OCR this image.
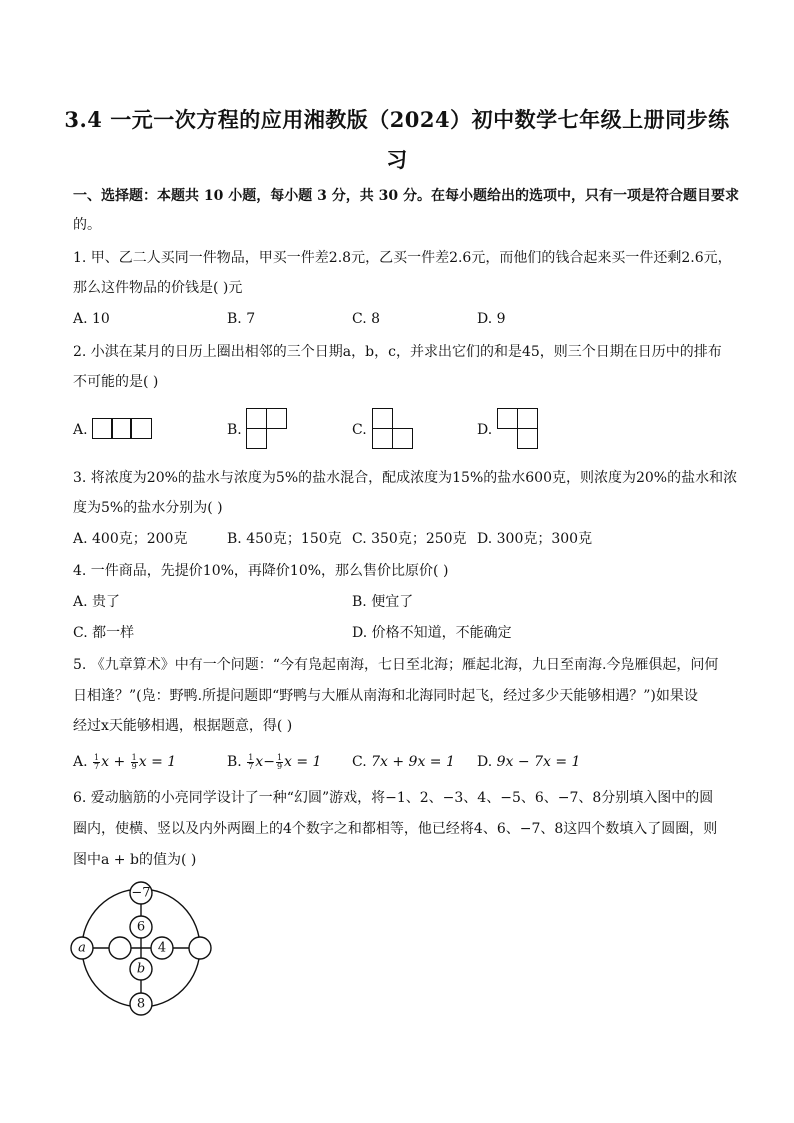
3.4 一元一次方程的应用湘教版（2024）初中数学七年级上册同步练
习
一、选择题：本题共 10 小题，每小题 3 分，共 30 分。在每小题给出的选项中，只有一项是符合题目要求
的。
1. 甲、乙二人买同一件物品，甲买一件差2.8元，乙买一件差2.6元，而他们的钱合起来买一件还剩2.6元，
那么这件物品的价钱是( )元
A. 10	B. 7	C. 8	D. 9
2. 小淇在某月的日历上圈出相邻的三个日期a，b，c，并求出它们的和是45，则三个日期在日历中的排布
不可能的是( )
A.	B.	C.	D.
3. 将浓度为20%的盐水与浓度为5%的盐水混合，配成浓度为15%的盐水600克，则浓度为20%的盐水和浓
度为5%的盐水分别为( )
A. 400克；200克	B. 450克；150克 C. 350克；250克 D. 300克；300克
4. 一件商品，先提价10%，再降价10%，那么售价比原价( )
A. 贵了	B. 便宜了
C. 都一样	D. 价格不知道，不能确定
5. 《九章算术》中有一个问题：“今有凫起南海，七日至北海；雁起北海，九日至南海.今凫雁俱起，问何
日相逢？”(凫：野鸭.所提问题即“野鸭与大雁从南海和北海同时起飞，经过多少天能够相遇？”)如果设
经过x天能够相遇，根据题意，得( )
A. $\frac{1}{7}$ $x + \frac{1}{9}$ x = 1	B. $\frac{1}{7} x- \frac{1}{9}$ x = 1 C. 7x + 9x = 1 D. 9x − 7x = 1
6. 爱动脑筋的小亮同学设计了一种“幻圆”游戏，将−1、2、−3、4、−5、6、−7、8分别填入图中的圆
圈内，使横、竖以及内外两圈上的4个数字之和都相等，他已经将4、6、−7、8这四个数填入了圆圈，则
图中a + b的值为( )
−7
6
4
b
a
8
